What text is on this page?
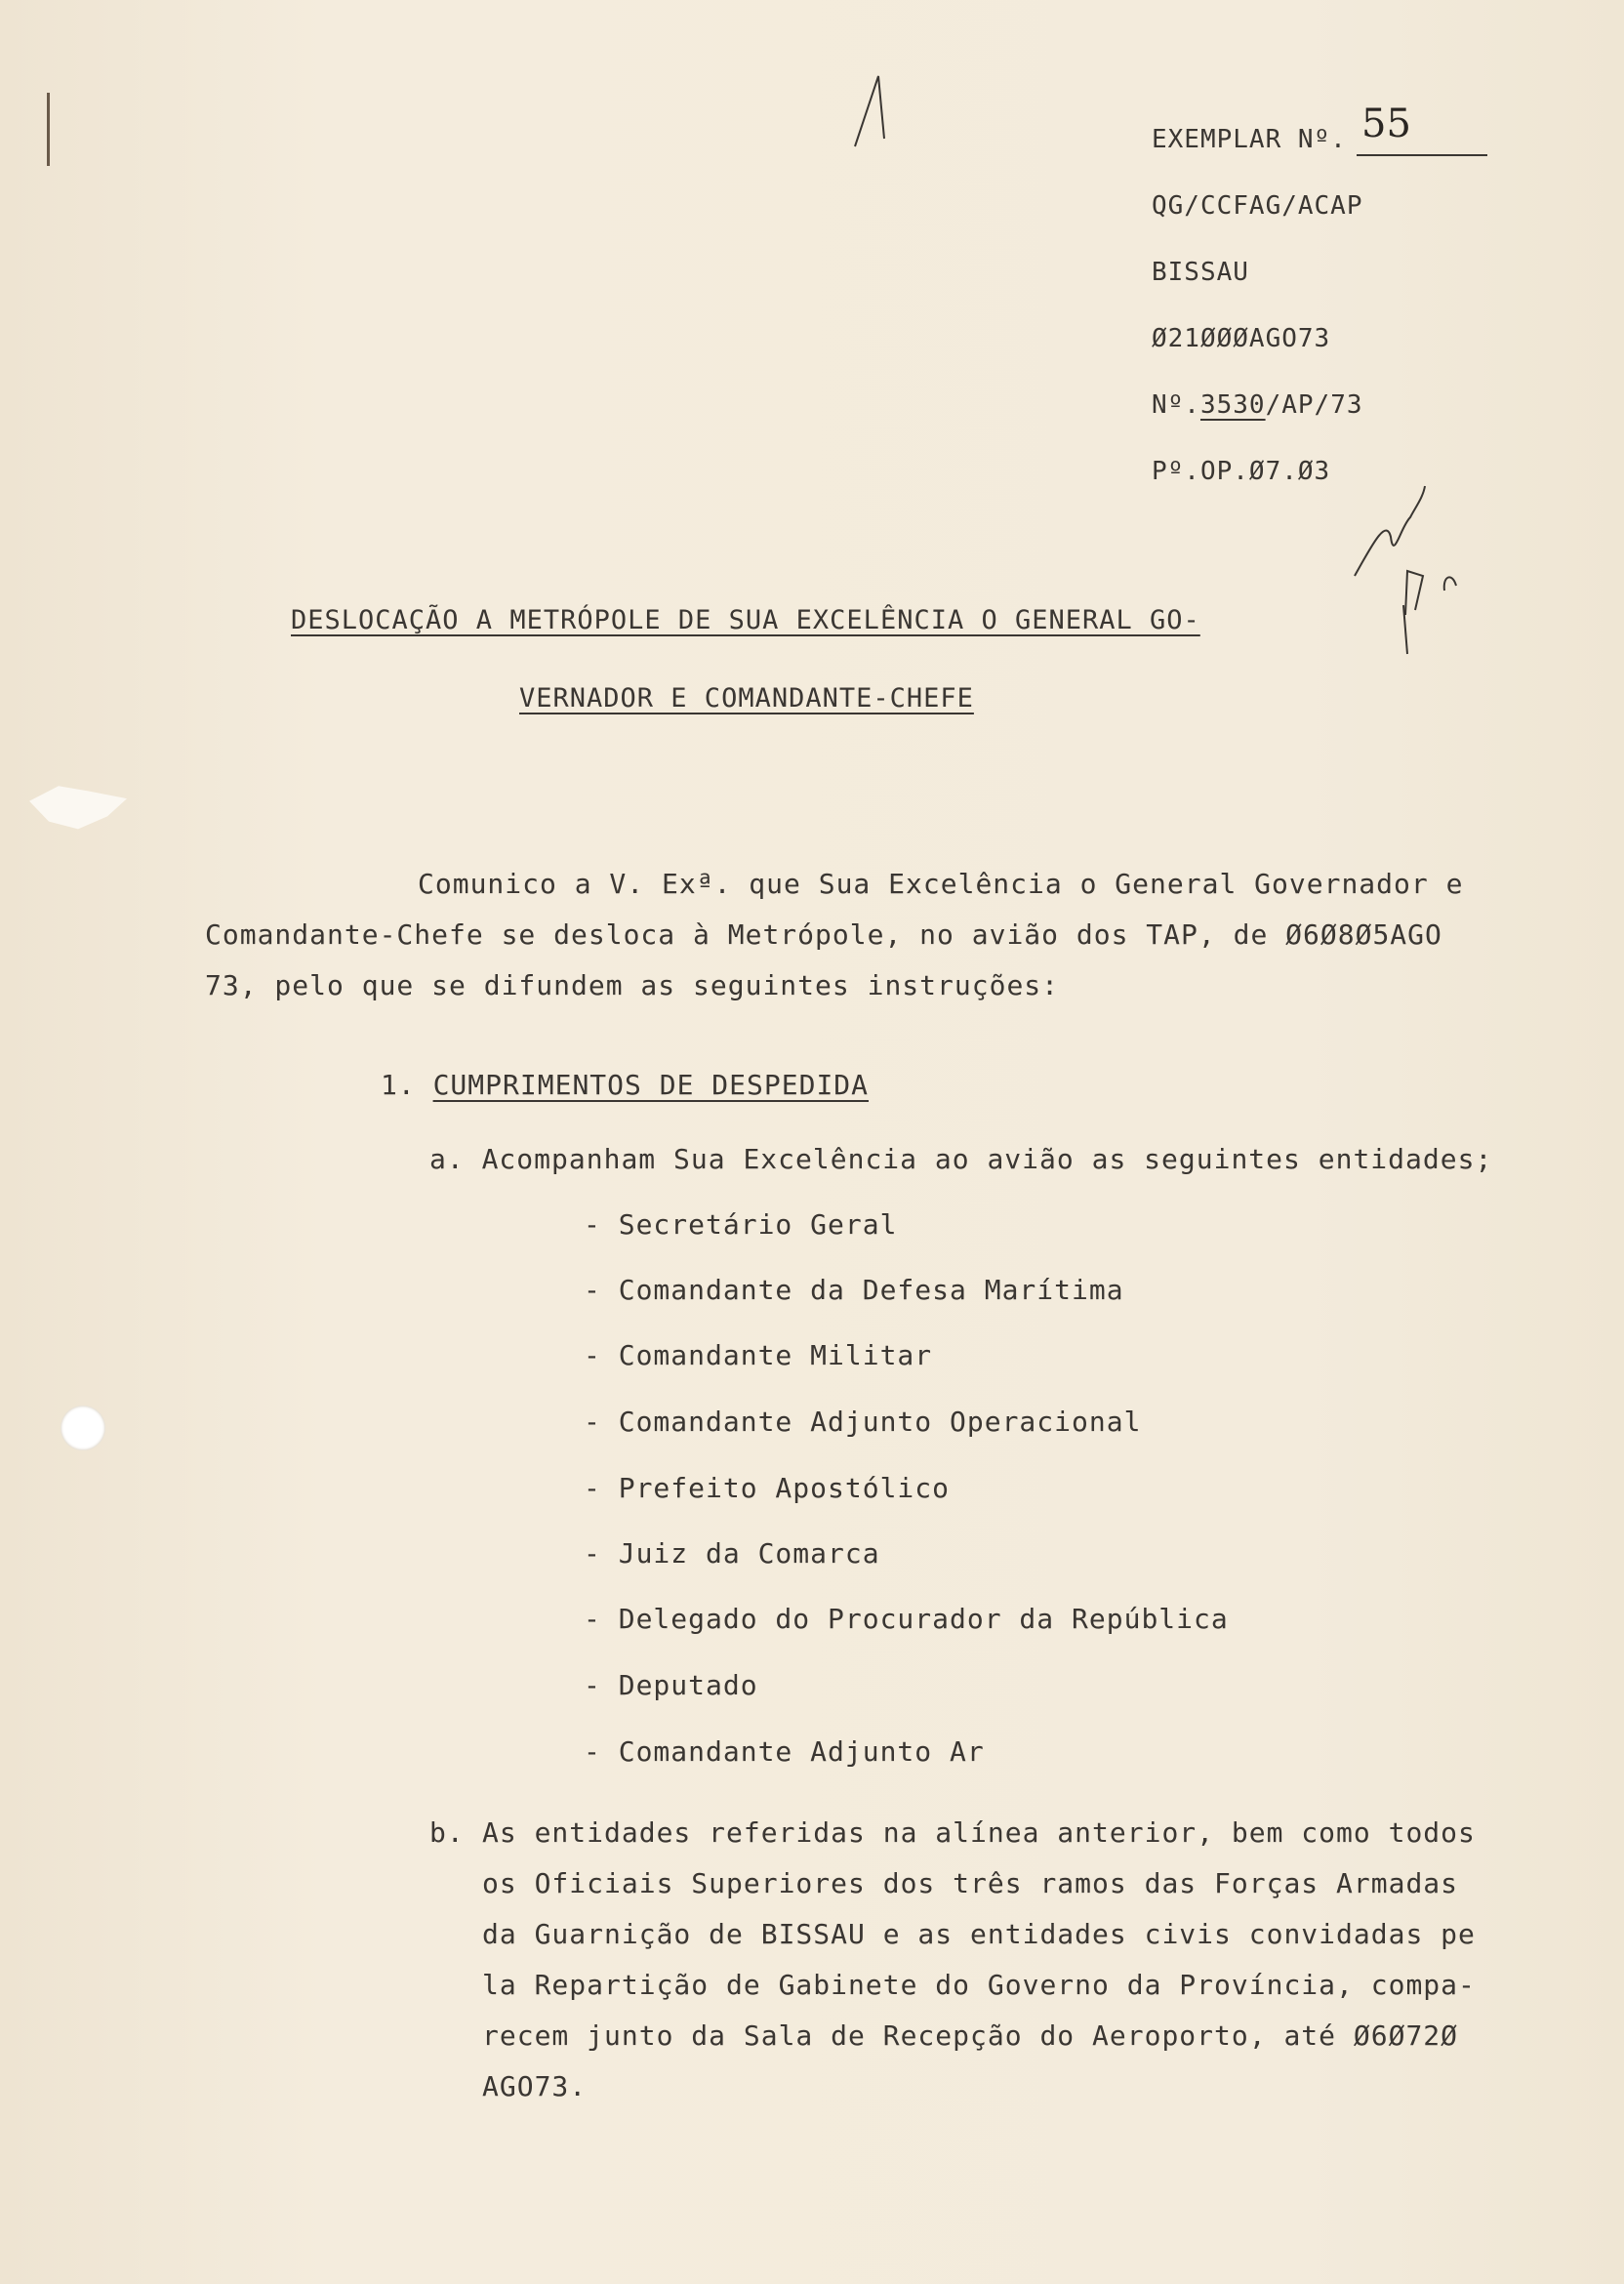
EXEMPLAR Nº. 55
QG/CCFAG/ACAP
BISSAU
Ø21ØØØAGO73
Nº.3530/AP/73
Pº.OP.Ø7.Ø3
DESLOCAÇÃO A METRÓPOLE DE SUA EXCELÊNCIA O GENERAL GO-
VERNADOR E COMANDANTE-CHEFE
Comunico a V. Exª. que Sua Excelência o General Governador e
Comandante-Chefe se desloca à Metrópole, no avião dos TAP, de Ø6Ø8Ø5AGO
73, pelo que se difundem as seguintes instruções:
1. CUMPRIMENTOS DE DESPEDIDA
a. Acompanham Sua Excelência ao avião as seguintes entidades;
- Secretário Geral
- Comandante da Defesa Marítima
- Comandante Militar
- Comandante Adjunto Operacional
- Prefeito Apostólico
- Juiz da Comarca
- Delegado do Procurador da República
- Deputado
- Comandante Adjunto Ar
b. As entidades referidas na alínea anterior, bem como todos
os Oficiais Superiores dos três ramos das Forças Armadas
da Guarnição de BISSAU e as entidades civis convidadas pe
la Repartição de Gabinete do Governo da Província, compa-
recem junto da Sala de Recepção do Aeroporto, até Ø6Ø72Ø
AGO73.
